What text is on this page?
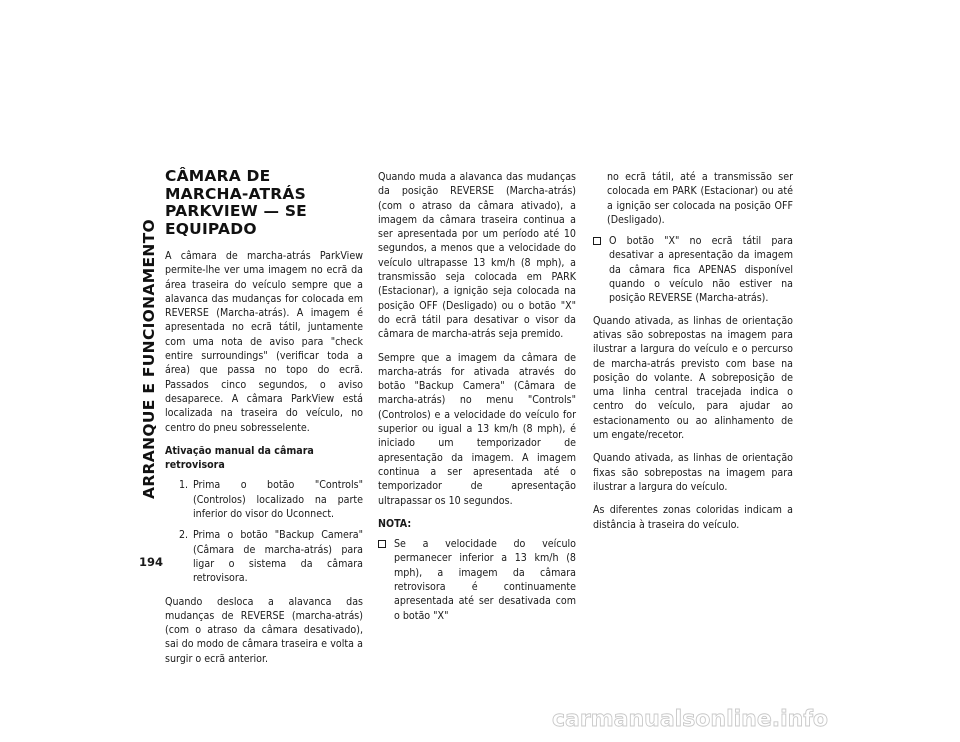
ARRANQUE E FUNCIONAMENTO
194
CÂMARA DE
MARCHA-ATRÁS
PARKVIEW — SE EQUIPADO

A câmara de marcha-atrás ParkView permite-lhe ver uma imagem no ecrã da área traseira do veículo sempre que a alavanca das mudanças for colocada em REVERSE (Marcha-atrás). A imagem é apresentada no ecrã tátil, juntamente com uma nota de aviso para "check entire surroundings" (verificar toda a área) que passa no topo do ecrã. Passados cinco segundos, o aviso desaparece. A câmara ParkView está localizada na traseira do veículo, no centro do pneu sobresselente.

Ativação manual da câmara retrovisora
1. Prima o botão "Controls" (Controlos) localizado na parte inferior do visor do Uconnect.
2. Prima o botão "Backup Camera" (Câmara de marcha-atrás) para ligar o sistema da câmara retrovisora.

Quando desloca a alavanca das mudanças de REVERSE (marcha-atrás) (com o atraso da câmara desativado), sai do modo de câmara traseira e volta a surgir o ecrã anterior.

Quando muda a alavanca das mudanças da posição REVERSE (Marcha-atrás) (com o atraso da câmara ativado), a imagem da câmara traseira continua a ser apresentada por um período até 10 segundos, a menos que a velocidade do veículo ultrapasse 13 km/h (8 mph), a transmissão seja colocada em PARK (Estacionar), a ignição seja colocada na posição OFF (Desligado) ou o botão "X" do ecrã tátil para desativar o visor da câmara de marcha-atrás seja premido.

Sempre que a imagem da câmara de marcha-atrás for ativada através do botão "Backup Camera" (Câmara de marcha-atrás) no menu "Controls" (Controlos) e a velocidade do veículo for superior ou igual a 13 km/h (8 mph), é iniciado um temporizador de apresentação da imagem. A imagem continua a ser apresentada até o temporizador de apresentação ultrapassar os 10 segundos.

NOTA:
Se a velocidade do veículo permanecer inferior a 13 km/h (8 mph), a imagem da câmara retrovisora é continuamente apresentada até ser desativada com o botão "X"

no ecrã tátil, até a transmissão ser colocada em PARK (Estacionar) ou até a ignição ser colocada na posição OFF (Desligado).

O botão "X" no ecrã tátil para desativar a apresentação da imagem da câmara fica APENAS disponível quando o veículo não estiver na posição REVERSE (Marcha-atrás).

Quando ativada, as linhas de orientação ativas são sobrepostas na imagem para ilustrar a largura do veículo e o percurso de marcha-atrás previsto com base na posição do volante. A sobreposição de uma linha central tracejada indica o centro do veículo, para ajudar ao estacionamento ou ao alinhamento de um engate/recetor.

Quando ativada, as linhas de orientação fixas são sobrepostas na imagem para ilustrar a largura do veículo.

As diferentes zonas coloridas indicam a distância à traseira do veículo.

carmanualsonline.info
